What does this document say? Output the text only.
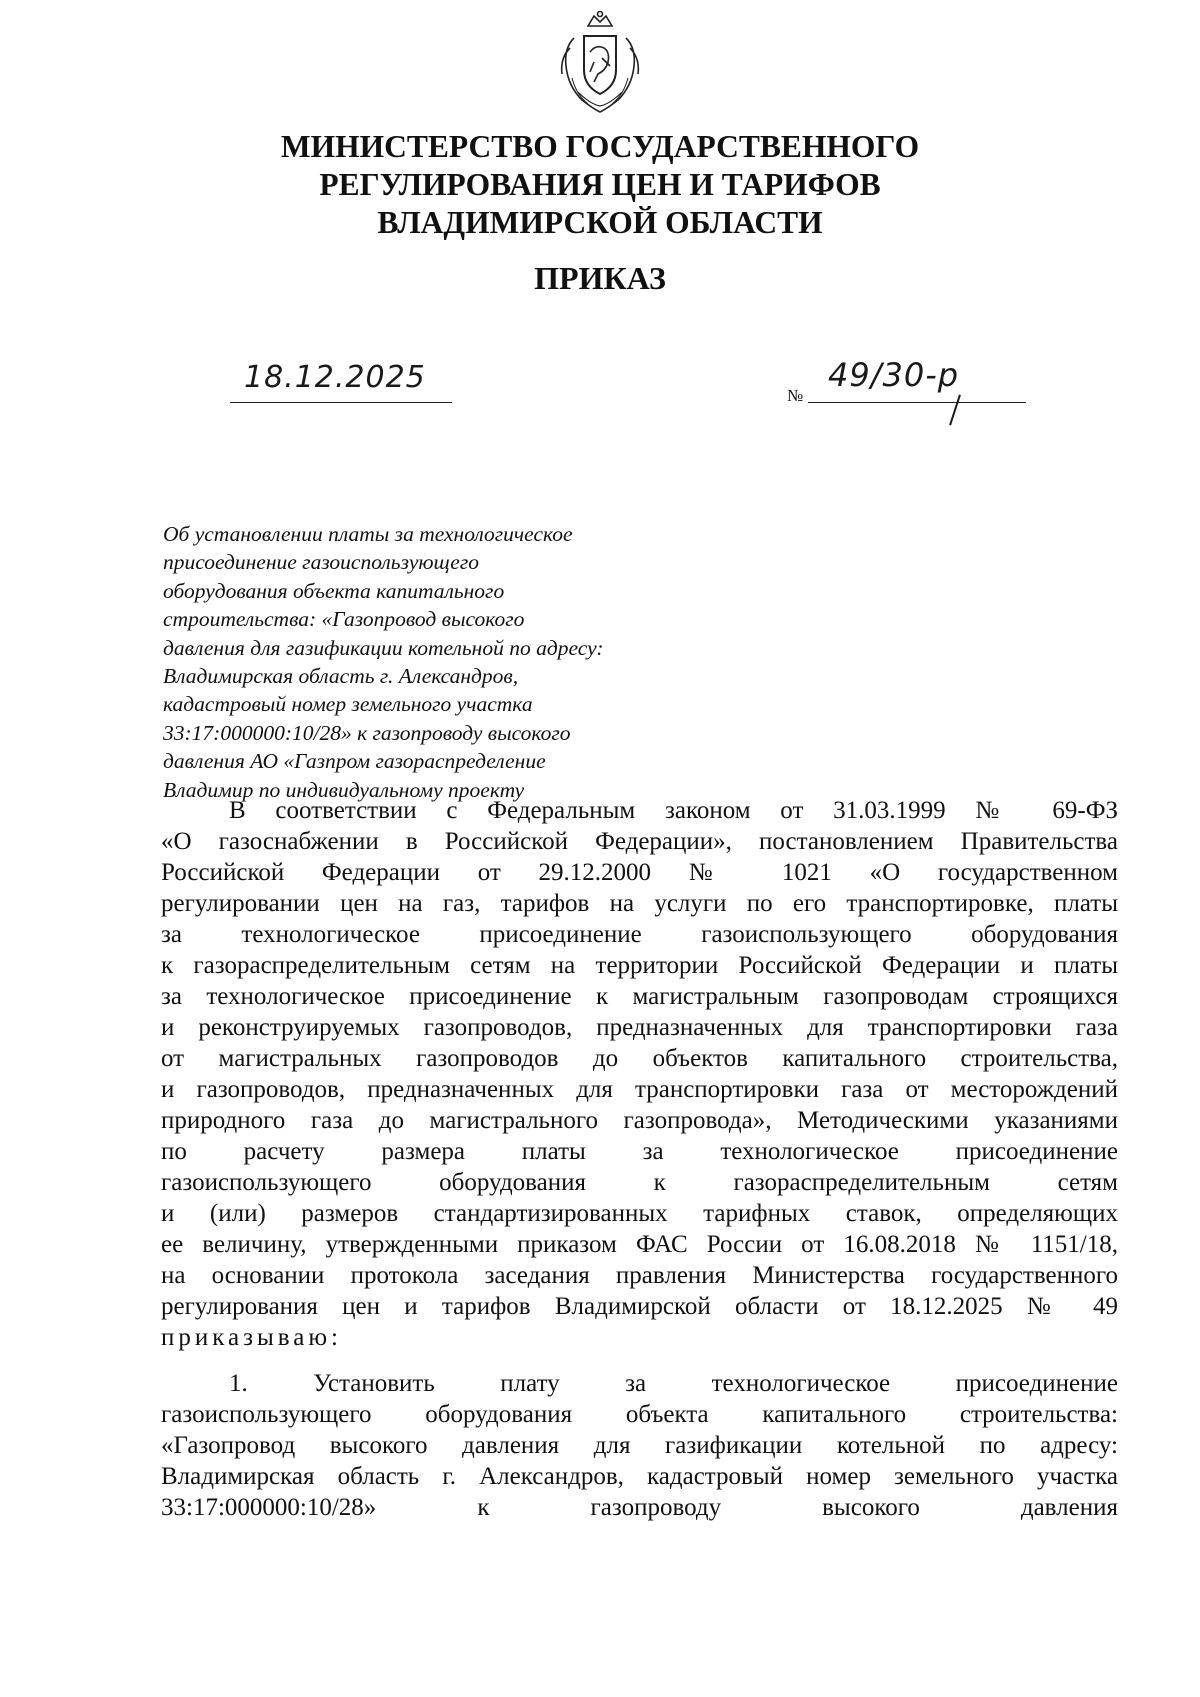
МИНИСТЕРСТВО ГОСУДАРСТВЕННОГО
РЕГУЛИРОВАНИЯ ЦЕН И ТАРИФОВ
ВЛАДИМИРСКОЙ ОБЛАСТИ
ПРИКАЗ
18.12.2025
№
49/30-р
Об установлении платы за технологическое
присоединение газоиспользующего
оборудования объекта капитального
строительства: «Газопровод высокого
давления для газификации котельной по адресу:
Владимирская область г. Александров,
кадастровый номер земельного участка
33:17:000000:10/28» к газопроводу высокого
давления АО «Газпром газораспределение
Владимир по индивидуальному проекту

В соответствии с Федеральным законом от 31.03.1999 № 69-ФЗ

«О газоснабжении в Российской Федерации», постановлением Правительства

Российской Федерации от 29.12.2000 № 1021 «О государственном

регулировании цен на газ, тарифов на услуги по его транспортировке, платы

за технологическое присоединение газоиспользующего оборудования

к газораспределительным сетям на территории Российской Федерации и платы

за технологическое присоединение к магистральным газопроводам строящихся

и реконструируемых газопроводов, предназначенных для транспортировки газа

от магистральных газопроводов до объектов капитального строительства,

и газопроводов, предназначенных для транспортировки газа от месторождений

природного газа до магистрального газопровода», Методическими указаниями

по расчету размера платы за технологическое присоединение

газоиспользующего оборудования к газораспределительным сетям

и (или) размеров стандартизированных тарифных ставок, определяющих

ее величину, утвержденными приказом ФАС России от 16.08.2018 № 1151/18,

на основании протокола заседания правления Министерства государственного

регулирования цен и тарифов Владимирской области от 18.12.2025 № 49

приказываю:

1. Установить плату за технологическое присоединение

газоиспользующего оборудования объекта капитального строительства:

«Газопровод высокого давления для газификации котельной по адресу:

Владимирская область г. Александров, кадастровый номер земельного участка

33:17:000000:10/28» к газопроводу высокого давления
